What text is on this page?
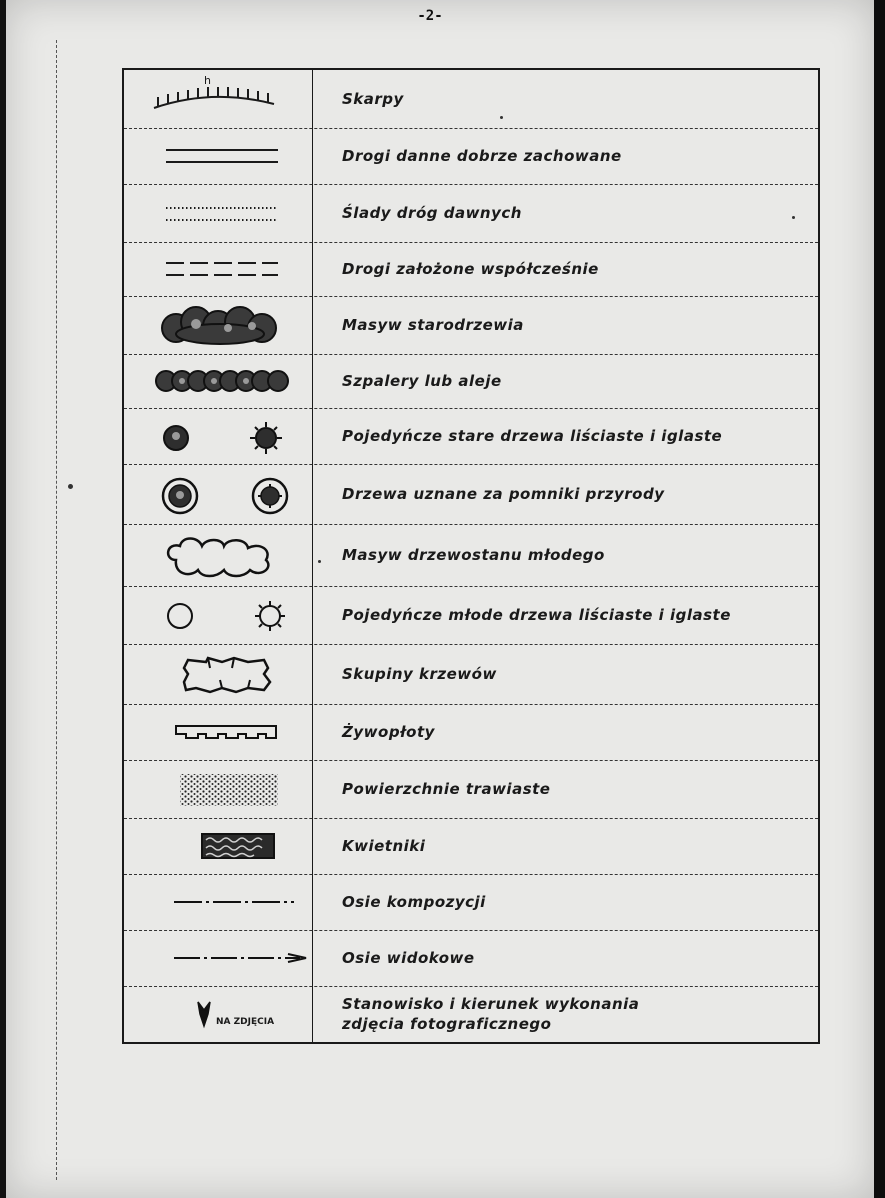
-2-
h
Skarpy
Drogi danne dobrze zachowane
Ślady dróg dawnych
Drogi założone współcześnie
Masyw starodrzewia
Szpalery lub aleje
Pojedyńcze stare drzewa liściaste i iglaste
Drzewa uznane za pomniki przyrody
Masyw drzewostanu młodego
Pojedyńcze młode drzewa liściaste i iglaste
Skupiny krzewów
Żywopłoty
Powierzchnie trawiaste
Kwietniki
Osie kompozycji
Osie widokowe
NA ZDJĘCIA
Stanowisko i kierunek wykonania
zdjęcia fotograficznego
